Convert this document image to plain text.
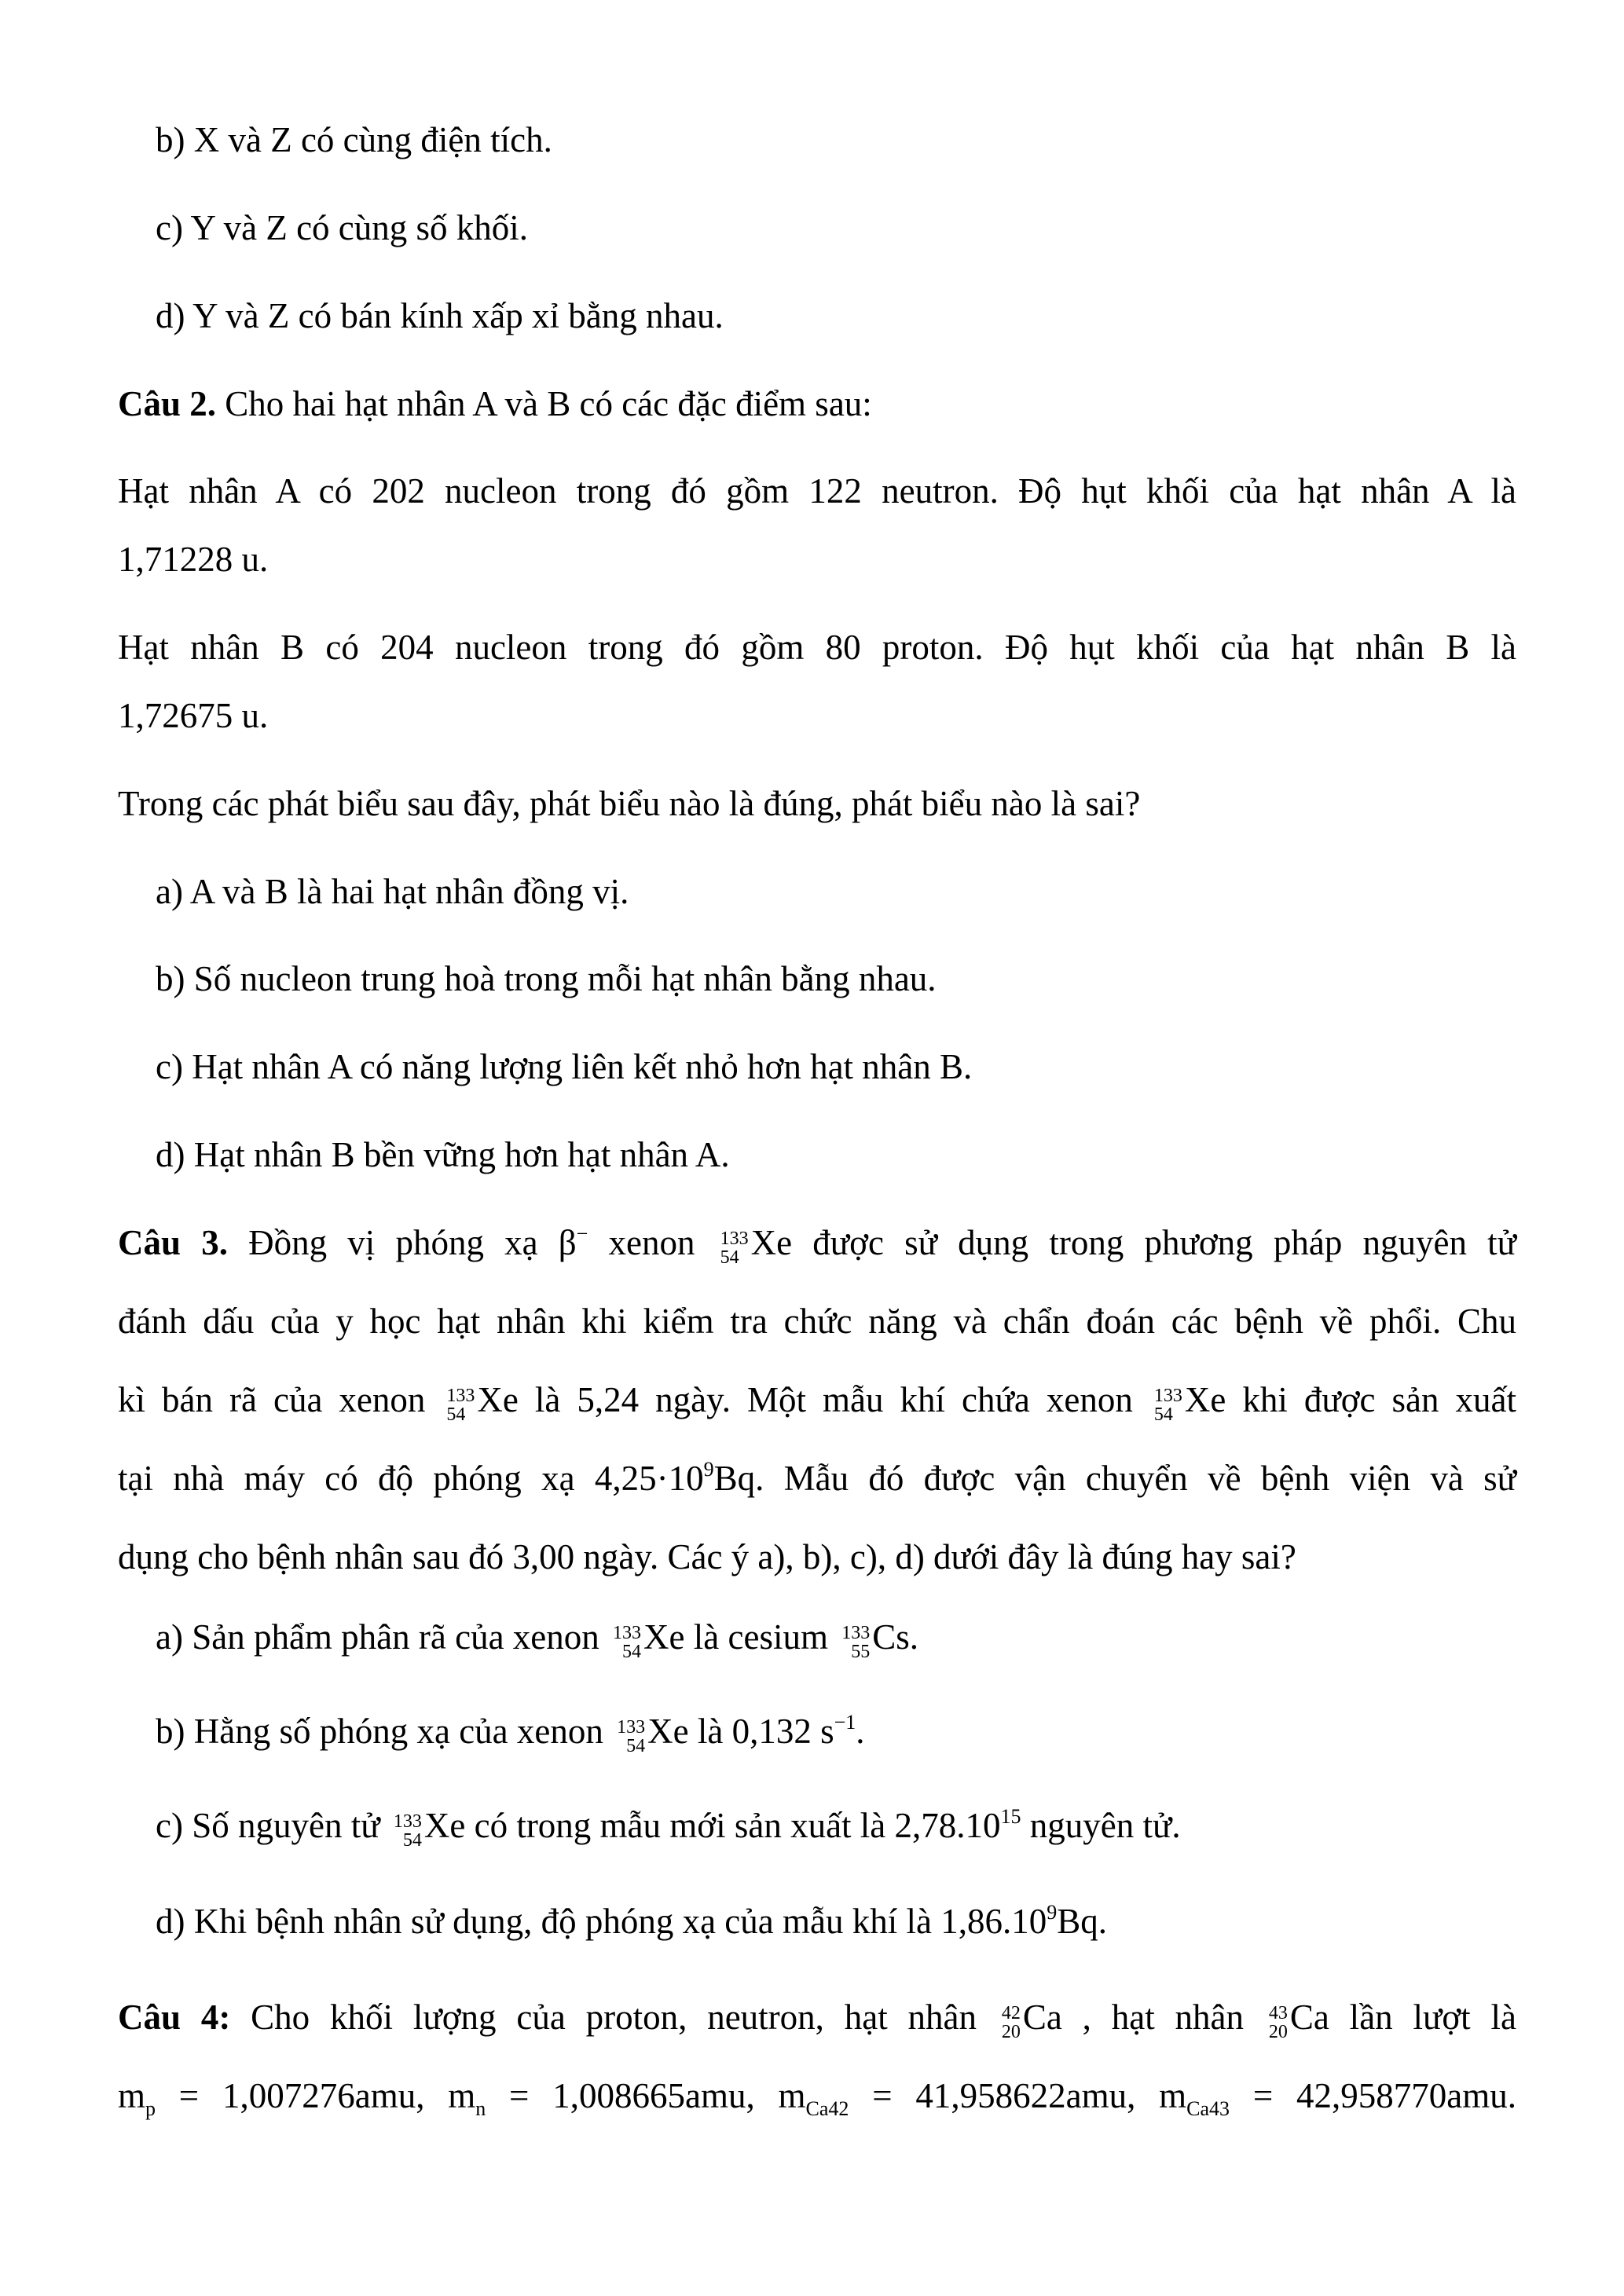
b) X và Z có cùng điện tích.
c) Y và Z có cùng số khối.
d) Y và Z có bán kính xấp xỉ bằng nhau.
Câu 2. Cho hai hạt nhân A và B có các đặc điểm sau:
Hạt nhân A có 202 nucleon trong đó gồm 122 neutron. Độ hụt khối của hạt nhân A là
1,71228 u.
Hạt nhân B có 204 nucleon trong đó gồm 80 proton. Độ hụt khối của hạt nhân B là
1,72675 u.
Trong các phát biểu sau đây, phát biểu nào là đúng, phát biểu nào là sai?
a) A và B là hai hạt nhân đồng vị.
b) Số nucleon trung hoà trong mỗi hạt nhân bằng nhau.
c) Hạt nhân A có năng lượng liên kết nhỏ hơn hạt nhân B.
d) Hạt nhân B bền vững hơn hạt nhân A.
Câu 3. Đồng vị phóng xạ β− xenon 133
54 Xe được sử dụng trong phương pháp nguyên tử
đánh dấu của y học hạt nhân khi kiểm tra chức năng và chẩn đoán các bệnh về phổi. Chu
kì bán rã của xenon 133
54 Xe là 5,24 ngày. Một mẫu khí chứa xenon 133
54 Xe khi được sản xuất
tại nhà máy có độ phóng xạ $4,25\cdot 10^9Bq$. Mẫu đó được vận chuyển về bệnh viện và sử
dụng cho bệnh nhân sau đó 3,00 ngày. Các ý a), b), c), d) dưới đây là đúng hay sai?
a) Sản phẩm phân rã của xenon 133
54 Xe là cesium 133
55 Cs.
b) Hằng số phóng xạ của xenon 133
54 Xe là 0,132 $s^{-1}$.
c) Số nguyên tử 133
54 Xe có trong mẫu mới sản xuất là 2,78.10$^{15}$ nguyên tử.
d) Khi bệnh nhân sử dụng, độ phóng xạ của mẫu khí là 1,86.10$^9$Bq.
Câu 4: Cho khối lượng của proton, neutron, hạt nhân 42
20 Ca , hạt nhân 43
20 Ca lần lượt là
$m_p = 1,007276amu$, $m_n = 1,008665amu$, $m_{Ca42} = 41,958622amu$, $m_{Ca43} = 42,958770amu$.
